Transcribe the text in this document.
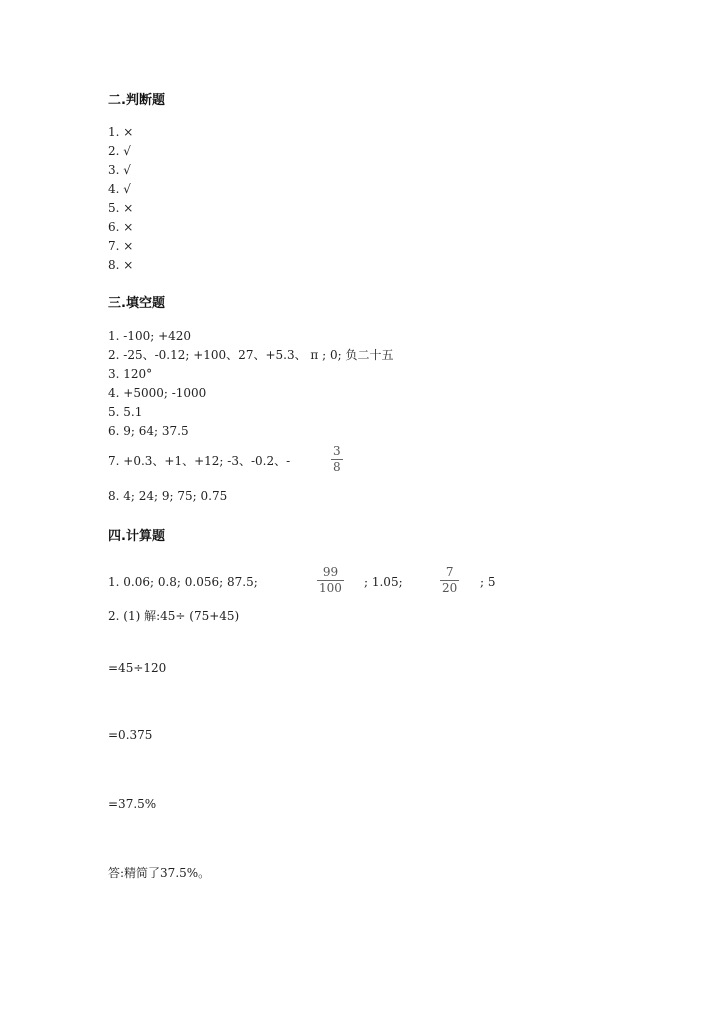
二.判断题
1. ×
2. √
3. √
4. √
5. ×
6. ×
7. ×
8. ×
三.填空题
1. -100; +420
2. -25、-0.12; +100、27、+5.3、 π ; 0; 负二十五
3. 120°
4. +5000; -1000
5. 5.1
6. 9; 64; 37.5
7. +0.3、+1、+12; -3、-0.2、-
3
8
8. 4; 24; 9; 75; 0.75
四.计算题
1. 0.06; 0.8; 0.056; 87.5;
99
100 ; 1.05;
7
20 ; 5
2. (1) 解:45÷ (75+45)
=45÷120
=0.375
=37.5%
答:精简了37.5%。
